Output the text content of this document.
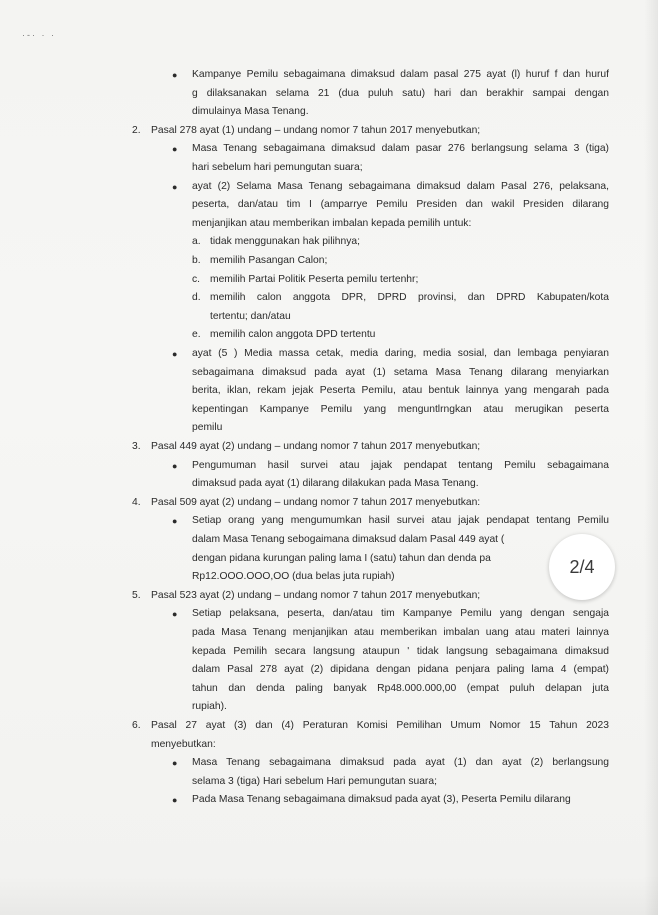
·-· · ·
● Kampanye Pemilu sebagaimana dimaksud dalam pasal 275 ayat (l) huruf f dan huruf
g dilaksanakan selama 21 (dua puluh satu) hari dan berakhir sampai dengan
dimulainya Masa Tenang.
2. Pasal 278 ayat (1) undang – undang nomor 7 tahun 2017 menyebutkan;
● Masa Tenang sebagaimana dimaksud dalam pasar 276 berlangsung selama 3 (tiga)
hari sebelum hari pemungutan suara;
● ayat (2) Selama Masa Tenang sebagaimana dimaksud dalam Pasal 276, pelaksana,
peserta, dan/atau tim I (amparrye Pemilu Presiden dan wakil Presiden dilarang
menjanjikan atau memberikan imbalan kepada pemilih untuk:
a. tidak menggunakan hak pilihnya;
b. memilih Pasangan Calon;
c. memilih Partai Politik Peserta pemilu tertenhr;
d. memilih calon anggota DPR, DPRD provinsi, dan DPRD Kabupaten/kota
tertentu; dan/atau
e. memilih calon anggota DPD tertentu
● ayat (5 ) Media massa cetak, media daring, media sosial, dan lembaga penyiaran
sebagaimana dimaksud pada ayat (1) setama Masa Tenang dilarang menyiarkan
berita, iklan, rekam jejak Peserta Pemilu, atau bentuk lainnya yang mengarah pada
kepentingan Kampanye Pemilu yang menguntlrngkan atau merugikan peserta
pemilu
3. Pasal 449 ayat (2) undang – undang nomor 7 tahun 2017 menyebutkan;
● Pengumuman hasil survei atau jajak pendapat tentang Pemilu sebagaimana
dimaksud pada ayat (1) dilarang dilakukan pada Masa Tenang.
4. Pasal 509 ayat (2) undang – undang nomor 7 tahun 2017 menyebutkan:
● Setiap orang yang mengumumkan hasil survei atau jajak pendapat tentang Pemilu
dalam Masa Tenang sebogaimana dimaksud dalam Pasal 449 ayat (
dengan pidana kurungan paling lama I (satu) tahun dan denda pa
Rp12.OOO.OOO,OO (dua belas juta rupiah)
5. Pasal 523 ayat (2) undang – undang nomor 7 tahun 2017 menyebutkan;
● Setiap pelaksana, peserta, dan/atau tim Kampanye Pemilu yang dengan sengaja
pada Masa Tenang menjanjikan atau memberikan imbalan uang atau materi lainnya
kepada Pemilih secara langsung ataupun ' tidak langsung sebagaimana dimaksud
dalam Pasal 278 ayat (2) dipidana dengan pidana penjara paling lama 4 (empat)
tahun dan denda paling banyak Rp48.000.000,00 (empat puluh delapan juta
rupiah).
6. Pasal 27 ayat (3) dan (4) Peraturan Komisi Pemilihan Umum Nomor 15 Tahun 2023
menyebutkan:
● Masa Tenang sebagaimana dimaksud pada ayat (1) dan ayat (2) berlangsung
selama 3 (tiga) Hari sebelum Hari pemungutan suara;
● Pada Masa Tenang sebagaimana dimaksud pada ayat (3), Peserta Pemilu dilarang
2/4
